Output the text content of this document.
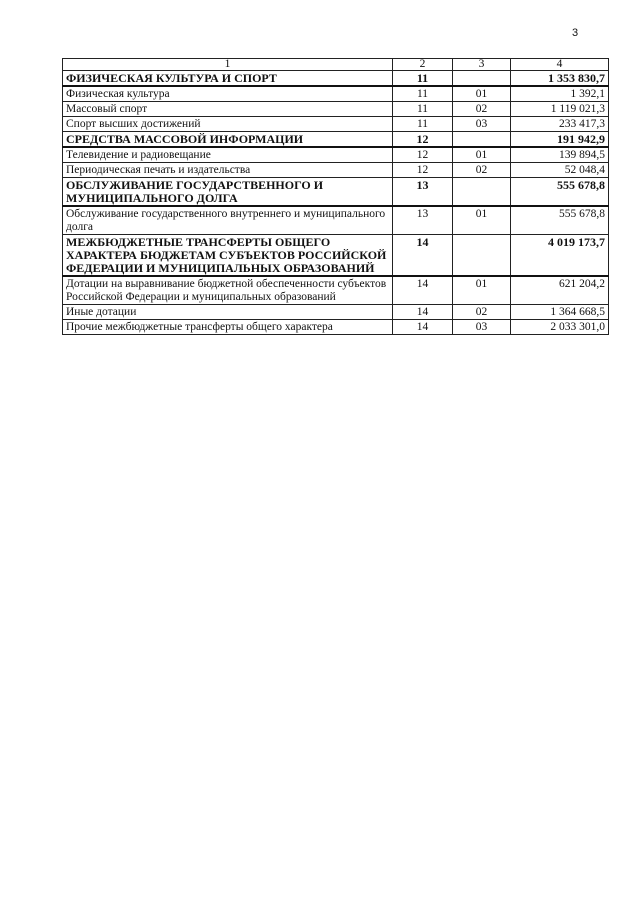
3
1	2	3	4
ФИЗИЧЕСКАЯ КУЛЬТУРА И СПОРТ	11		1 353 830,7
Физическая культура	11	01	1 392,1
Массовый спорт	11	02	1 119 021,3
Спорт высших достижений	11	03	233 417,3
СРЕДСТВА МАССОВОЙ ИНФОРМАЦИИ	12		191 942,9
Телевидение и радиовещание	12	01	139 894,5
Периодическая печать и издательства	12	02	52 048,4
ОБСЛУЖИВАНИЕ ГОСУДАРСТВЕННОГО И МУНИЦИПАЛЬНОГО ДОЛГА	13		555 678,8
Обслуживание государственного внутреннего и муниципального долга	13	01	555 678,8
МЕЖБЮДЖЕТНЫЕ ТРАНСФЕРТЫ ОБЩЕГО ХАРАКТЕРА БЮДЖЕТАМ СУБЪЕКТОВ РОССИЙСКОЙ ФЕДЕРАЦИИ И МУНИЦИПАЛЬНЫХ ОБРАЗОВАНИЙ	14		4 019 173,7
Дотации на выравнивание бюджетной обеспеченности субъектов Российской Федерации и муниципальных образований	14	01	621 204,2
Иные дотации	14	02	1 364 668,5
Прочие межбюджетные трансферты общего характера	14	03	2 033 301,0
